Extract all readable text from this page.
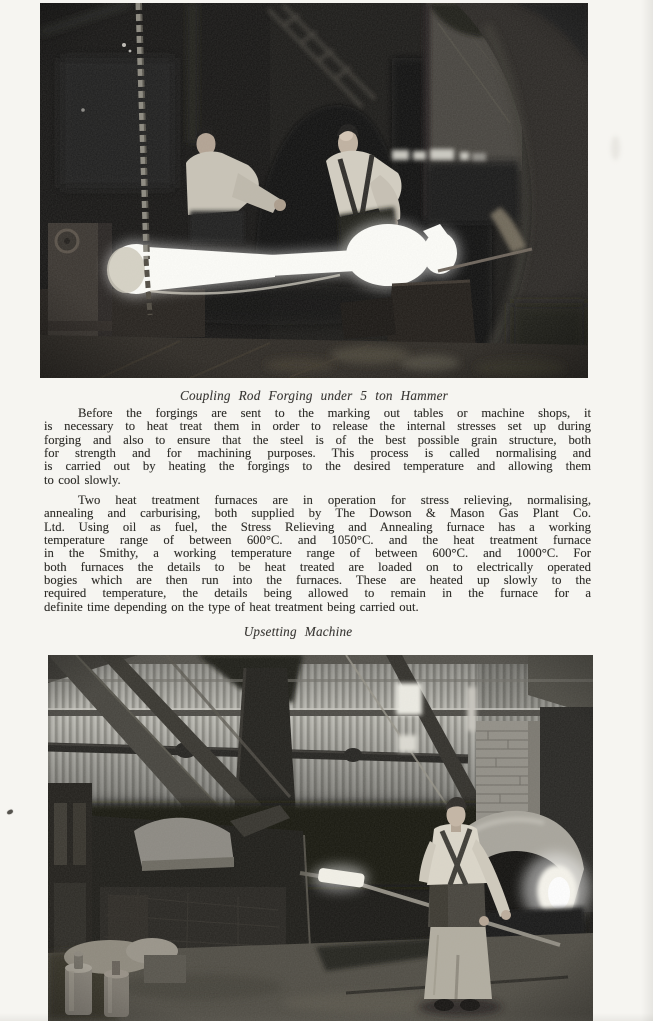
Coupling Rod Forging under 5 ton Hammer
Before the forgings are sent to the marking out tables or machine shops, it
is necessary to heat treat them in order to release the internal stresses set up during
forging and also to ensure that the steel is of the best possible grain structure, both
for strength and for machining purposes. This process is called normalising and
is carried out by heating the forgings to the desired temperature and allowing them
to cool slowly.
Two heat treatment furnaces are in operation for stress relieving, normalising,
annealing and carburising, both supplied by The Dowson & Mason Gas Plant Co.
Ltd. Using oil as fuel, the Stress Relieving and Annealing furnace has a working
temperature range of between 600°C. and 1050°C. and the heat treatment furnace
in the Smithy, a working temperature range of between 600°C. and 1000°C. For
both furnaces the details to be heat treated are loaded on to electrically operated
bogies which are then run into the furnaces. These are heated up slowly to the
required temperature, the details being allowed to remain in the furnace for a
definite time depending on the type of heat treatment being carried out.
Upsetting Machine
